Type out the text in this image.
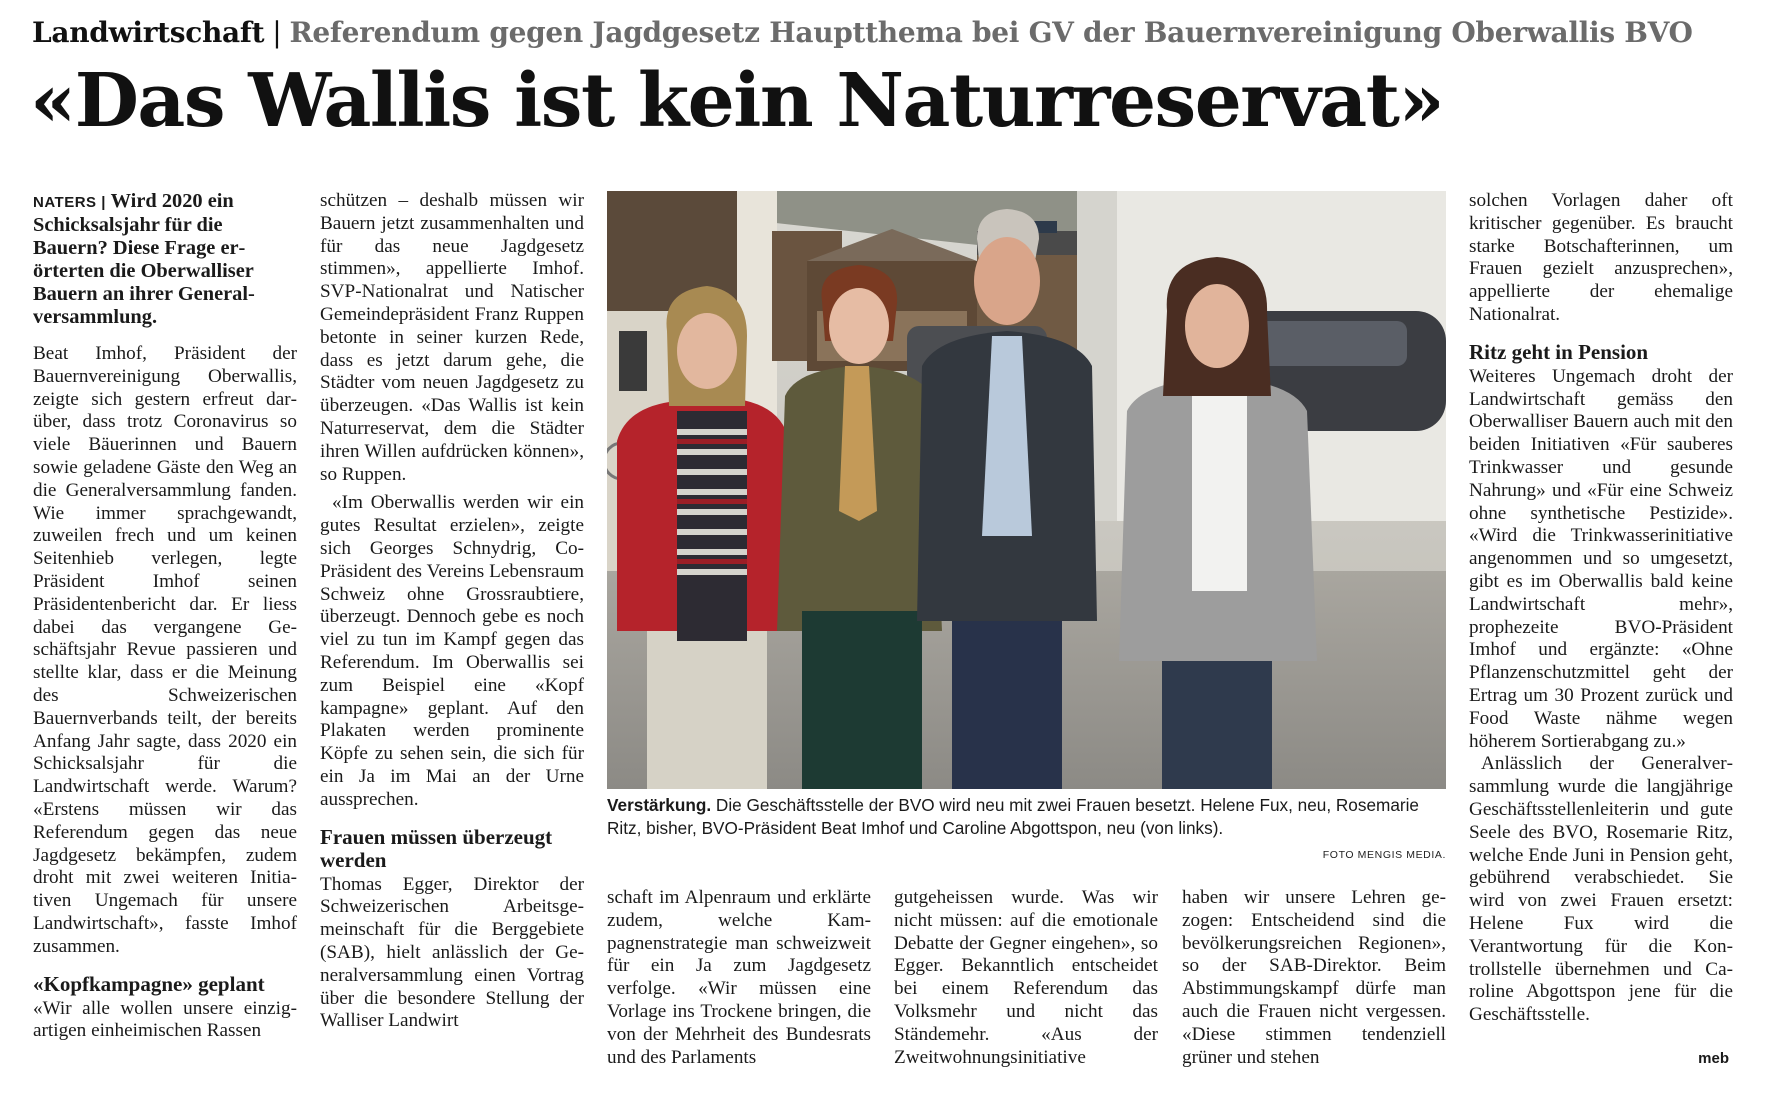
Landwirtschaft | Referendum gegen Jagdgesetz Hauptthema bei GV der Bauernvereinigung Oberwallis BVO
«Das Wallis ist kein Naturreservat»

NATERS | Wird 2020 ein Schicksalsjahr für die Bauern? Diese Frage erörterten die Oberwalliser Bauern an ihrer Generalversammlung.

Beat Imhof, Präsident der Bauernvereinigung Oberwallis, zeigte sich gestern erfreut darüber, dass trotz Coronavirus so viele Bäuerinnen und Bauern sowie geladene Gäste den Weg an die Generalversammlung fanden. Wie immer sprachgewandt, zuweilen frech und um keinen Seitenhieb verlegen, legte Präsident Imhof seinen Präsidentenbericht dar. Er liess dabei das vergangene Geschäftsjahr Revue passieren und stellte klar, dass er die Meinung des Schweizerischen Bauernverbands teilt, der bereits Anfang Jahr sagte, dass 2020 ein Schicksalsjahr für die Landwirtschaft werde. Warum? «Erstens müssen wir das Referendum gegen das neue Jagdgesetz bekämpfen, zudem droht mit zwei weiteren Initiativen Ungemach für unsere Landwirtschaft», fasste Imhof zusammen.

«Kopfkampagne» geplant

«Wir alle wollen unsere einzigartigen einheimischen Rassen

schützen – deshalb müssen wir Bauern jetzt zusammenhalten und für das neue Jagdgesetz stimmen», appellierte Imhof. SVP-Nationalrat und Natischer Gemeindepräsident Franz Ruppen betonte in seiner kurzen Rede, dass es jetzt darum gehe, die Städter vom neuen Jagdgesetz zu überzeugen. «Das Wallis ist kein Naturreservat, dem die Städter ihren Willen aufdrücken können», so Ruppen.

«Im Oberwallis werden wir ein gutes Resultat erzielen», zeigte sich Georges Schnydrig, Co-Präsident des Vereins Lebensraum Schweiz ohne Grossraubtiere, überzeugt. Dennoch gebe es noch viel zu tun im Kampf gegen das Referendum. Im Oberwallis sei zum Beispiel eine «Kopf kampagne» geplant. Auf den Plakaten werden prominente Köpfe zu sehen sein, die sich für ein Ja im Mai an der Urne aussprechen.

Frauen müssen überzeugt werden

Thomas Egger, Direktor der Schweizerischen Arbeitsgemeinschaft für die Berggebiete (SAB), hielt anlässlich der Generalversammlung einen Vortrag über die besondere Stellung der Walliser Landwirt

Verstärkung. Die Geschäftsstelle der BVO wird neu mit zwei Frauen besetzt. Helene Fux, neu, Rosemarie Ritz, bisher, BVO-Präsident Beat Imhof und Caroline Abgottspon, neu (von links).
FOTO MENGIS MEDIA.

schaft im Alpenraum und erklärte zudem, welche Kampagnenstrategie man schweizweit für ein Ja zum Jagdgesetz verfolge. «Wir müssen eine Vorlage ins Trockene bringen, die von der Mehrheit des Bundesrats und des Parlaments

gutgeheissen wurde. Was wir nicht müssen: auf die emotionale Debatte der Gegner eingehen», so Egger. Bekanntlich entscheidet bei einem Referendum das Volksmehr und nicht das Ständemehr. «Aus der Zweitwohnungsinitiative

haben wir unsere Lehren gezogen: Entscheidend sind die bevölkerungsreichen Regionen», so der SAB-Direktor. Beim Abstimmungskampf dürfe man auch die Frauen nicht vergessen. «Diese stimmen tendenziell grüner und stehen

solchen Vorlagen daher oft kritischer gegenüber. Es braucht starke Botschafterinnen, um Frauen gezielt anzusprechen», appellierte der ehemalige Nationalrat.

Ritz geht in Pension

Weiteres Ungemach droht der Landwirtschaft gemäss den Oberwalliser Bauern auch mit den beiden Initiativen «Für sauberes Trinkwasser und gesunde Nahrung» und «Für eine Schweiz ohne synthetische Pestizide». «Wird die Trinkwasserinitiative angenommen und so umgesetzt, gibt es im Oberwallis bald keine Landwirtschaft mehr», prophezeite BVO-Präsident Imhof und ergänzte: «Ohne Pflanzenschutzmittel geht der Ertrag um 30 Prozent zurück und Food Waste nähme wegen höherem Sortierabgang zu.»

Anlässlich der Generalversammlung wurde die langjährige Geschäftsstellenleiterin und gute Seele des BVO, Rosemarie Ritz, welche Ende Juni in Pension geht, gebührend verabschiedet. Sie wird von zwei Frauen ersetzt: Helene Fux wird die Verantwortung für die Kontrollstelle übernehmen und Caroline Abgottspon jene für die Geschäftsstelle.

meb
